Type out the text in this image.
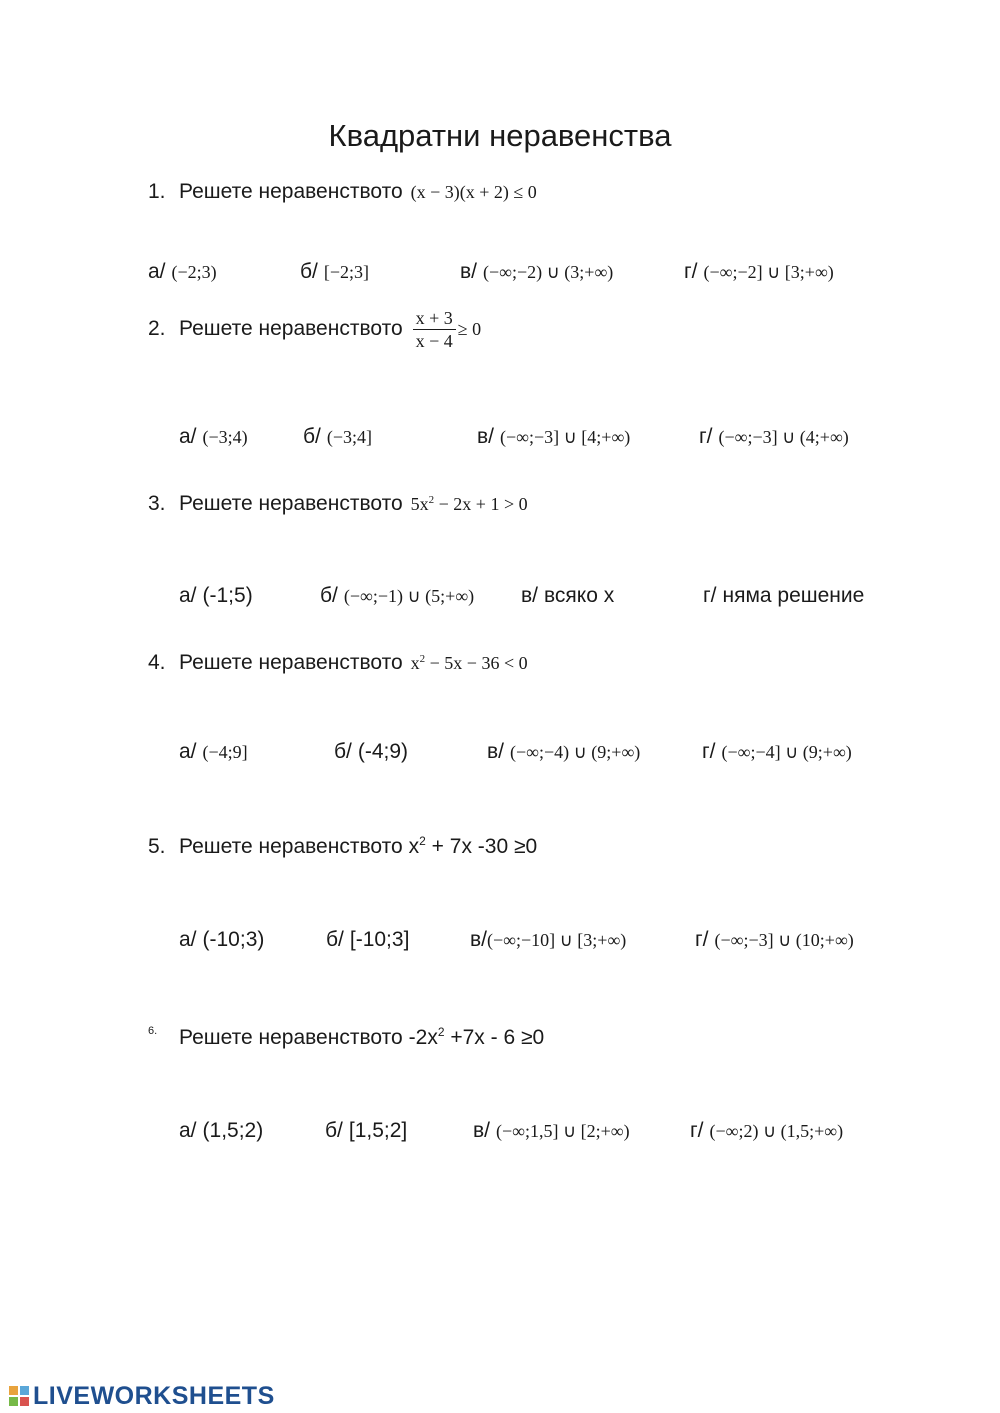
Квадратни неравенства
1. Решете неравенството (x − 3)(x + 2) ≤ 0
а/ (−2;3)	б/ [−2;3]	в/ (−∞;−2) ∪ (3;+∞)	г/ (−∞;−2] ∪ [3;+∞)
2. Решете неравенството $\frac{x + 3}{x - 4} \ge 0$
а/ (−3;4)	б/ (−3;4]	в/ (−∞;−3] ∪ [4;+∞)	г/ (−∞;−3] ∪ (4;+∞)
3. Решете неравенството $5x^2 - 2x + 1 > 0$
а/ (-1;5)	б/ (−∞;−1) ∪ (5;+∞) в/ всяко x	г/ няма решение
4. Решете неравенството $x^2 - 5x - 36 < 0$
а/ (−4;9]	б/ (-4;9)	в/ (−∞;−4) ∪ (9;+∞)	г/ (−∞;−4] ∪ (9;+∞)
5. Решете неравенството $x^2 + 7x$ -30 ≥0
а/ (-10;3)	б/ [-10;3]	в/(−∞;−10] ∪ [3;+∞)	г/ (−∞;−3] ∪ (10;+∞)
6. Решете неравенството $-2x^2 +7x - 6 \ge 0$
а/ (1,5;2)	б/ [1,5;2]	в/ (−∞;1,5] ∪ [2;+∞)	г/ (−∞;2) ∪ (1,5;+∞)
LIVEWORKSHEETS
